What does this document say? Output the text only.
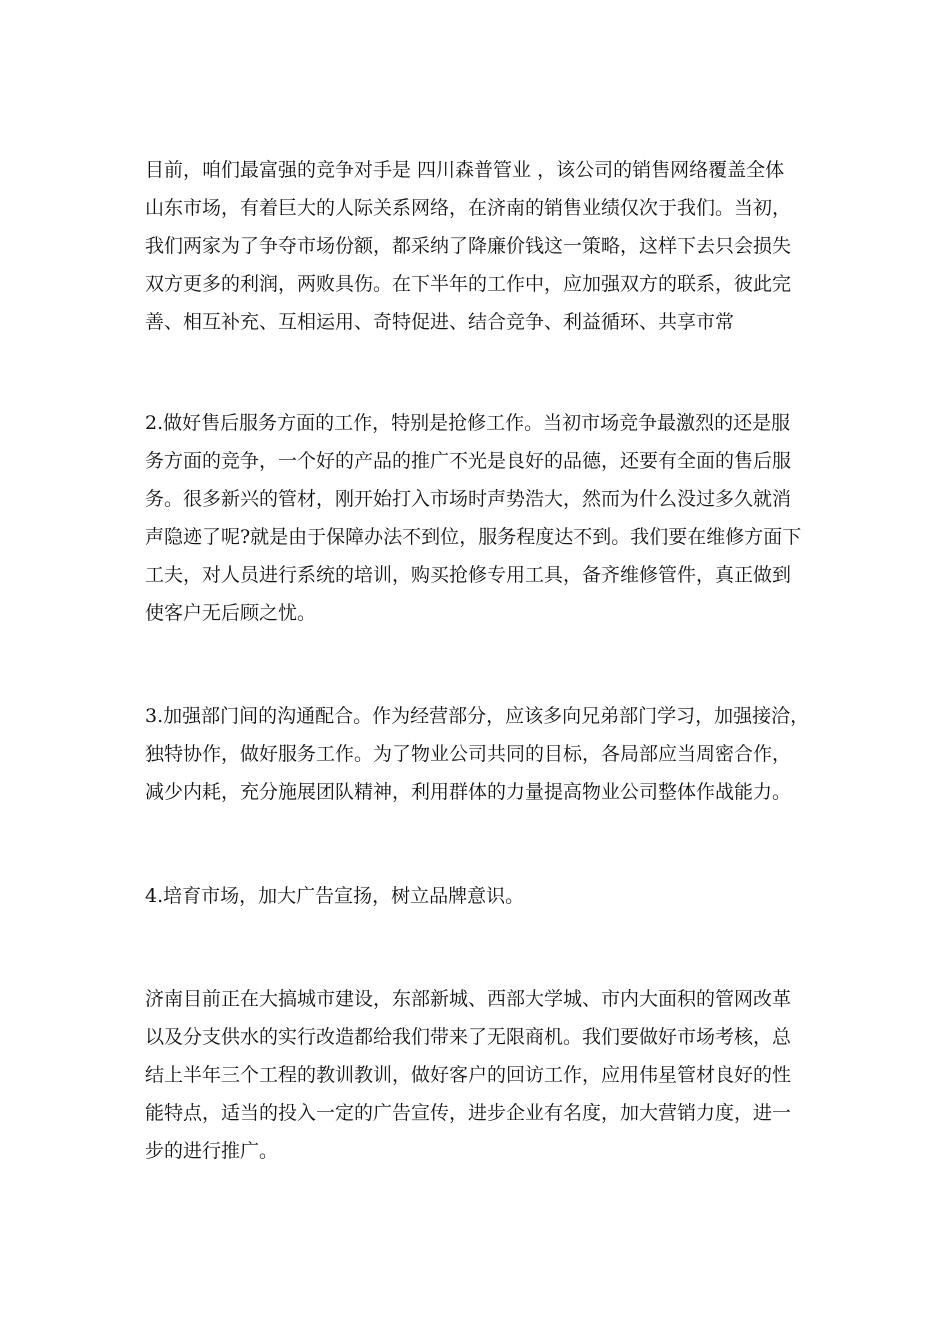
目前，咱们最富强的竞争对手是 四川森普管业 ，该公司的销售网络覆盖全体
山东市场，有着巨大的人际关系网络，在济南的销售业绩仅次于我们。当初，
我们两家为了争夺市场份额，都采纳了降廉价钱这一策略，这样下去只会损失
双方更多的利润，两败具伤。在下半年的工作中，应加强双方的联系，彼此完
善、相互补充、互相运用、奇特促进、结合竞争、利益循环、共享市常
2.做好售后服务方面的工作，特别是抢修工作。当初市场竞争最激烈的还是服
务方面的竞争，一个好的产品的推广不光是良好的品德，还要有全面的售后服
务。很多新兴的管材，刚开始打入市场时声势浩大，然而为什么没过多久就消
声隐迹了呢?就是由于保障办法不到位，服务程度达不到。我们要在维修方面下
工夫，对人员进行系统的培训，购买抢修专用工具，备齐维修管件，真正做到
使客户无后顾之忧。
3.加强部门间的沟通配合。作为经营部分，应该多向兄弟部门学习，加强接洽，
独特协作，做好服务工作。为了物业公司共同的目标，各局部应当周密合作，
减少内耗，充分施展团队精神，利用群体的力量提高物业公司整体作战能力。
4.培育市场，加大广告宣扬，树立品牌意识。
济南目前正在大搞城市建设，东部新城、西部大学城、市内大面积的管网改革
以及分支供水的实行改造都给我们带来了无限商机。我们要做好市场考核，总
结上半年三个工程的教训教训，做好客户的回访工作，应用伟星管材良好的性
能特点，适当的投入一定的广告宣传，进步企业有名度，加大营销力度，进一
步的进行推广。
